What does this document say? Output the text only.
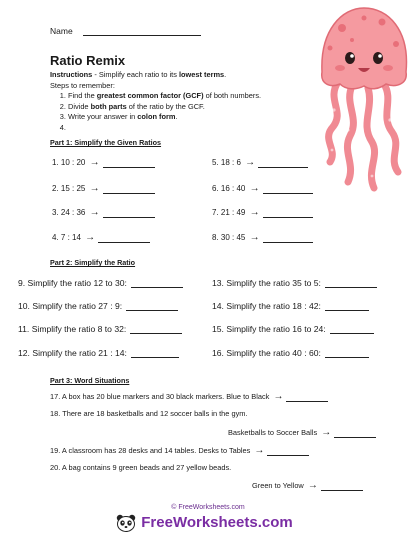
Name
Ratio Remix
Instructions - Simplify each ratio to its lowest terms.
Steps to remember:
1. Find the greatest common factor (GCF) of both numbers.
2. Divide both parts of the ratio by the GCF.
3. Write your answer in colon form.
4.
Part 1: Simplify the Given Ratios
1. 10 : 20 →
2. 15 : 25 →
3. 24 : 36 →
4. 7 : 14 →
5. 18 : 6 →
6. 16 : 40 →
7. 21 : 49 →
8. 30 : 45 →
Part 2: Simplify the Ratio
9. Simplify the ratio 12 to 30:
10. Simplify the ratio 27 : 9:
11. Simplify the ratio 8 to 32:
12. Simplify the ratio 21 : 14:
13. Simplify the ratio 35 to 5:
14. Simplify the ratio 18 : 42:
15. Simplify the ratio 16 to 24:
16. Simplify the ratio 40 : 60:
Part 3: Word Situations
17. A box has 20 blue markers and 30 black markers. Blue to Black →
18. There are 18 basketballs and 12 soccer balls in the gym.
Basketballs to Soccer Balls →
19. A classroom has 28 desks and 14 tables. Desks to Tables →
20. A bag contains 9 green beads and 27 yellow beads.
Green to Yellow →
© FreeWorksheets.com
FreeWorksheets.com
